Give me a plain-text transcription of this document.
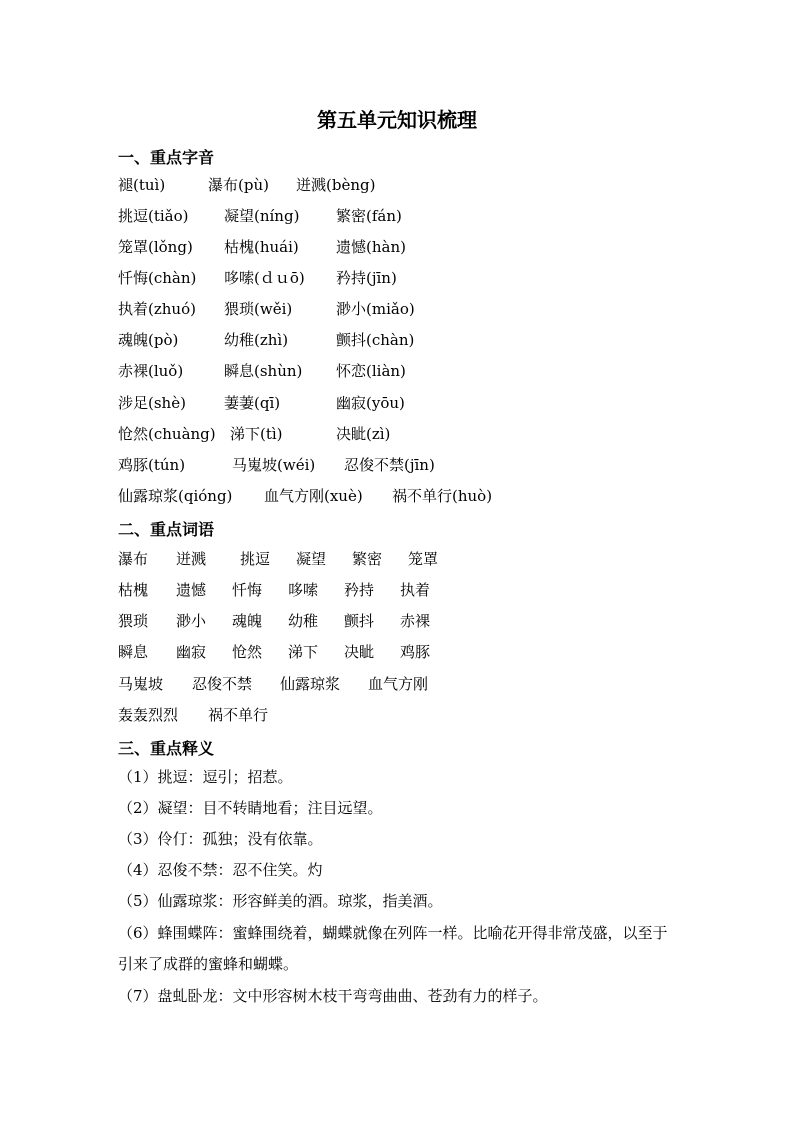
第五单元知识梳理
一、重点字音
褪(tuì)	瀑布(pù) 迸溅(bèng)
挑逗(tiǎo) 凝望(níng) 繁密(fán)
笼罩(lǒng) 枯槐(huái) 遗憾(hàn)
忏悔(chàn) 哆嗦(ｄｕō) 矜持(jīn)
执着(zhuó) 猥琐(wěi)	渺小(miǎo)
魂魄(pò)	幼稚(zhì)	颤抖(chàn)
赤裸(luǒ)	瞬息(shùn) 怀恋(liàn)
涉足(shè)	萋萋(qī)	幽寂(yōu)
怆然(chuàng) 涕下(tì)	决眦(zì)
鸡豚(tún)	马嵬坡(wéi) 忍俊不禁(jīn)
仙露琼浆(qióng) 血气方刚(xuè) 祸不单行(huò)
二、重点词语
瀑布 迸溅 挑逗 凝望 繁密 笼罩
枯槐 遗憾 忏悔 哆嗦 矜持 执着
猥琐 渺小 魂魄 幼稚 颤抖 赤裸
瞬息 幽寂 怆然 涕下 决眦 鸡豚
马嵬坡 忍俊不禁 仙露琼浆 血气方刚
轰轰烈烈 祸不单行
三、重点释义
（1）挑逗：逗引；招惹。
（2）凝望：目不转睛地看；注目远望。
（3）伶仃：孤独；没有依靠。
（4）忍俊不禁：忍不住笑。灼
（5）仙露琼浆：形容鲜美的酒。琼浆，指美酒。
（6）蜂围蝶阵：蜜蜂围绕着，蝴蝶就像在列阵一样。比喻花开得非常茂盛，以至于引来了成群的蜜蜂和蝴蝶。
（7）盘虬卧龙：文中形容树木枝干弯弯曲曲、苍劲有力的样子。
